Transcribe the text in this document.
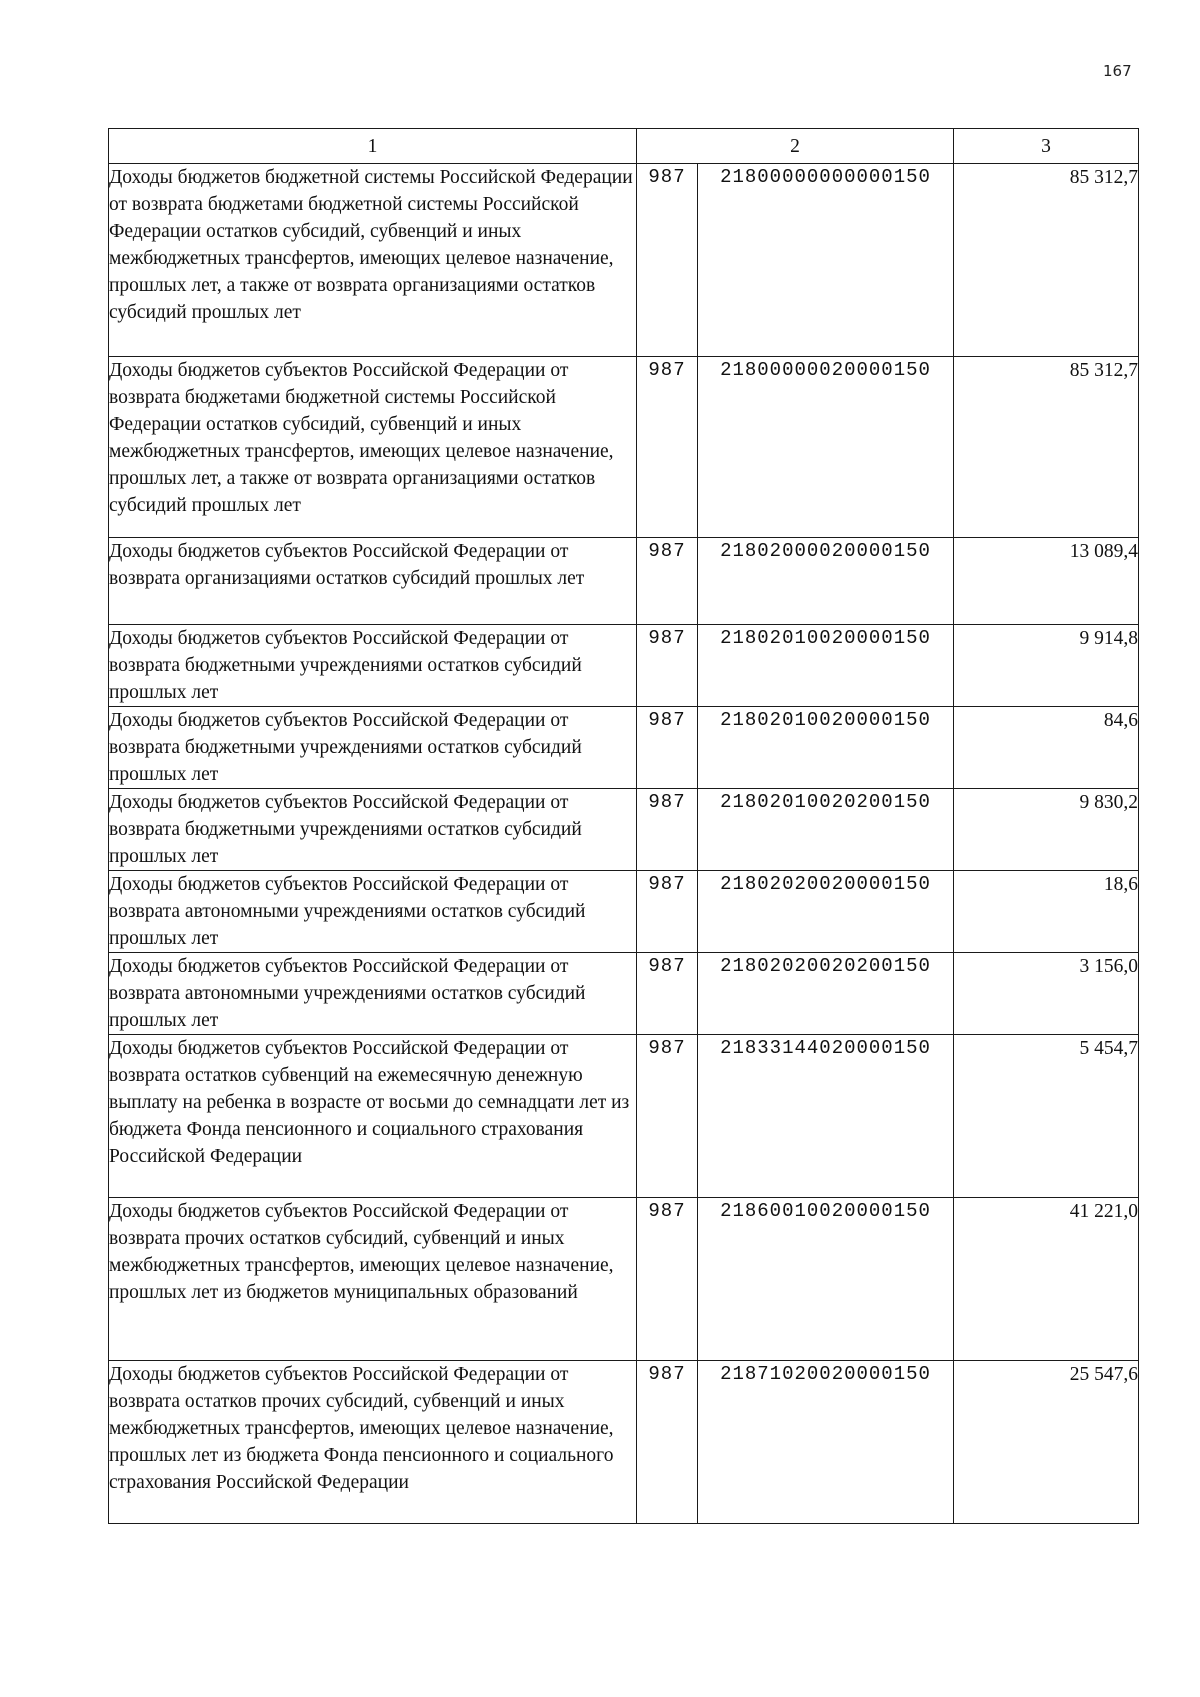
167
1	2		3
Доходы бюджетов бюджетной системы Российской Федерации от возврата бюджетами бюджетной системы Российской Федерации остатков субсидий, субвенций и иных межбюджетных трансфертов, имеющих целевое назначение, прошлых лет, а также от возврата организациями остатков субсидий прошлых лет	987	21800000000000150	85 312,7
Доходы бюджетов субъектов Российской Федерации от возврата бюджетами бюджетной системы Российской Федерации остатков субсидий, субвенций и иных межбюджетных трансфертов, имеющих целевое назначение, прошлых лет, а также от возврата организациями остатков субсидий прошлых лет	987	21800000020000150	85 312,7
Доходы бюджетов субъектов Российской Федерации от возврата организациями остатков субсидий прошлых лет	987	21802000020000150	13 089,4
Доходы бюджетов субъектов Российской Федерации от возврата бюджетными учреждениями остатков субсидий прошлых лет	987	21802010020000150	9 914,8
Доходы бюджетов субъектов Российской Федерации от возврата бюджетными учреждениями остатков субсидий прошлых лет	987	21802010020000150	84,6
Доходы бюджетов субъектов Российской Федерации от возврата бюджетными учреждениями остатков субсидий прошлых лет	987	21802010020200150	9 830,2
Доходы бюджетов субъектов Российской Федерации от возврата автономными учреждениями остатков субсидий прошлых лет	987	21802020020000150	18,6
Доходы бюджетов субъектов Российской Федерации от возврата автономными учреждениями остатков субсидий прошлых лет	987	21802020020200150	3 156,0
Доходы бюджетов субъектов Российской Федерации от возврата остатков субвенций на ежемесячную денежную выплату на ребенка в возрасте от восьми до семнадцати лет из бюджета Фонда пенсионного и социального страхования Российской Федерации	987	21833144020000150	5 454,7
Доходы бюджетов субъектов Российской Федерации от возврата прочих остатков субсидий, субвенций и иных межбюджетных трансфертов, имеющих целевое назначение, прошлых лет из бюджетов муниципальных образований	987	21860010020000150	41 221,0
Доходы бюджетов субъектов Российской Федерации от возврата остатков прочих субсидий, субвенций и иных межбюджетных трансфертов, имеющих целевое назначение, прошлых лет из бюджета Фонда пенсионного и социального страхования Российской Федерации	987	21871020020000150	25 547,6
